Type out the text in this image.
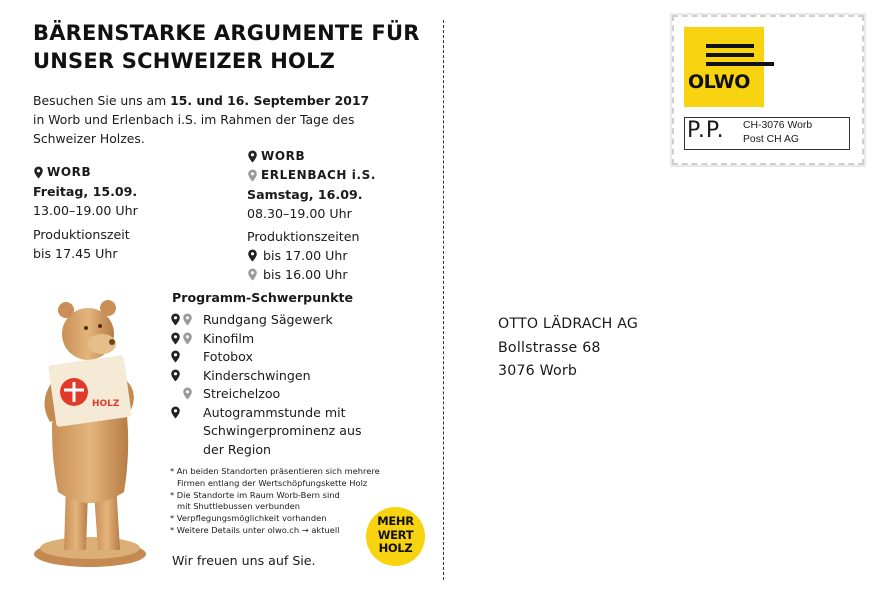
BÄRENSTARKE ARGUMENTE FÜR
UNSER SCHWEIZER HOLZ
Besuchen Sie uns am 15. und 16. September 2017
in Worb und Erlenbach i.S. im Rahmen der Tage des
Schweizer Holzes.
WORB
Freitag, 15.09.
13.00–19.00 Uhr
Produktionszeit
bis 17.45 Uhr
WORB
ERLENBACH i.S.
Samstag, 16.09.
08.30–19.00 Uhr
Produktionszeiten
bis 17.00 Uhr
bis 16.00 Uhr
HOLZ
Programm-Schwerpunkte
Rundgang Sägewerk
Kinofilm
Fotobox
Kinderschwingen
Streichelzoo
Autogrammstunde mit
Schwingerprominenz aus
der Region
* An beiden Standorten präsentieren sich mehrere
Firmen entlang der Wertschöpfungskette Holz
* Die Standorte im Raum Worb-Bern sind
mit Shuttlebussen verbunden
* Verpflegungsmöglichkeit vorhanden
* Weitere Details unter olwo.ch → aktuell
Wir freuen uns auf Sie.
MEHR
WERT
HOLZ
OLWO
P.P. CH-3076 Worb
Post CH AG
OTTO LÄDRACH AG
Bollstrasse 68
3076 Worb
